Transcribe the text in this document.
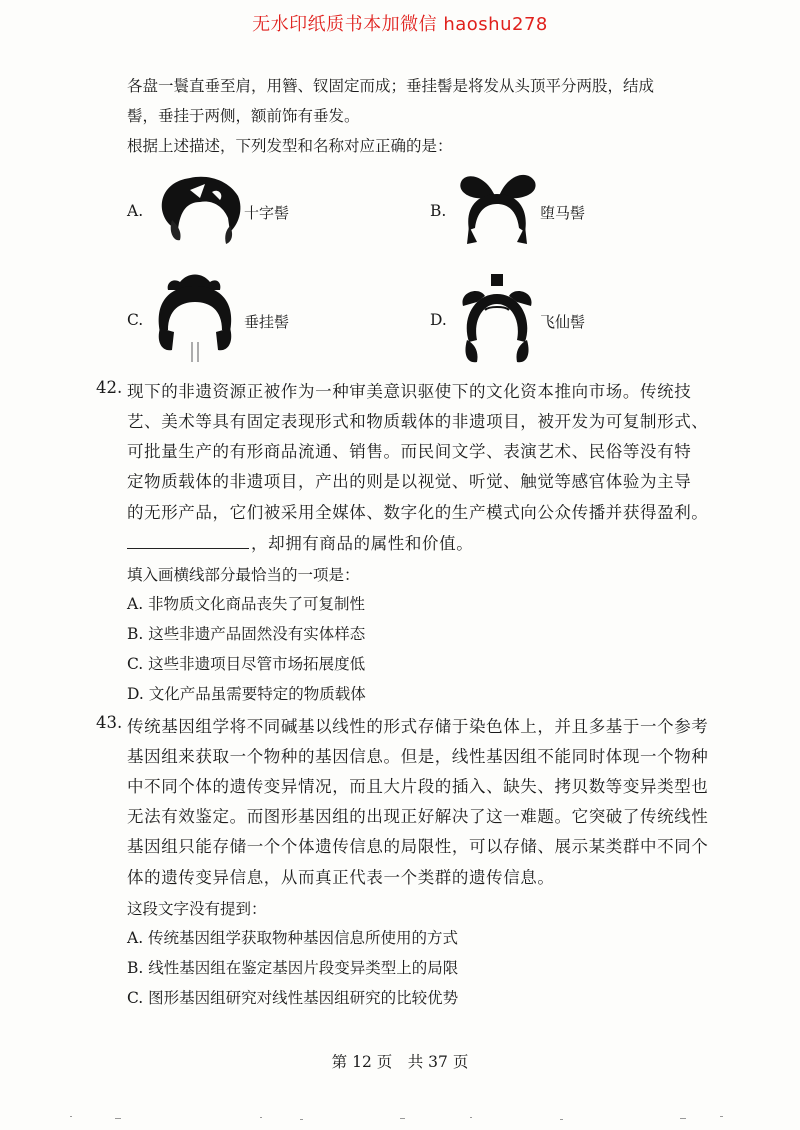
无水印纸质书本加微信 haoshu278
各盘一鬟直垂至肩，用簪、钗固定而成；垂挂髻是将发从头顶平分两股，结成
髻，垂挂于两侧，额前饰有垂发。
根据上述描述，下列发型和名称对应正确的是：
A.	十字髻	B.	堕马髻
C.	垂挂髻	D.	飞仙髻
42. 现下的非遗资源正被作为一种审美意识驱使下的文化资本推向市场。传统技
艺、美术等具有固定表现形式和物质载体的非遗项目，被开发为可复制形式、
可批量生产的有形商品流通、销售。而民间文学、表演艺术、民俗等没有特
定物质载体的非遗项目，产出的则是以视觉、听觉、触觉等感官体验为主导
的无形产品，它们被采用全媒体、数字化的生产模式向公众传播并获得盈利。
，却拥有商品的属性和价值。
填入画横线部分最恰当的一项是：
A. 非物质文化商品丧失了可复制性
B. 这些非遗产品固然没有实体样态
C. 这些非遗项目尽管市场拓展度低
D. 文化产品虽需要特定的物质载体
43. 传统基因组学将不同碱基以线性的形式存储于染色体上，并且多基于一个参考
基因组来获取一个物种的基因信息。但是，线性基因组不能同时体现一个物种
中不同个体的遗传变异情况，而且大片段的插入、缺失、拷贝数等变异类型也
无法有效鉴定。而图形基因组的出现正好解决了这一难题。它突破了传统线性
基因组只能存储一个个体遗传信息的局限性，可以存储、展示某类群中不同个
体的遗传变异信息，从而真正代表一个类群的遗传信息。
这段文字没有提到：
A. 传统基因组学获取物种基因信息所使用的方式
B. 线性基因组在鉴定基因片段变异类型上的局限
C. 图形基因组研究对线性基因组研究的比较优势
第 12 页　共 37 页
